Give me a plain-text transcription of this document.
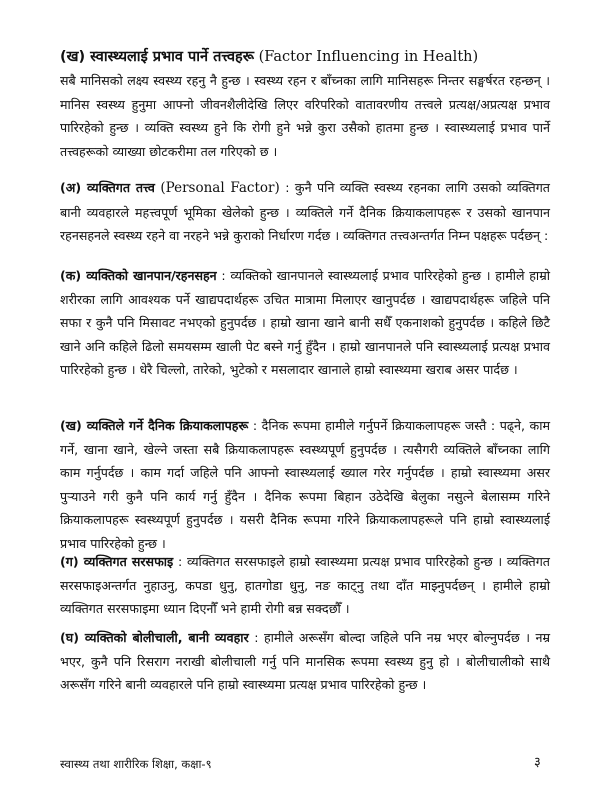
(ख) स्वास्थ्यलाई प्रभाव पार्ने तत्त्वहरू (Factor Influencing in Health)
सबै मानिसको लक्ष्य स्वस्थ्य रहनु नै हुन्छ । स्वस्थ्य रहन र बाँच्नका लागि मानिसहरू निन्तर सङ्घर्षरत रहन्छन् । मानिस स्वस्थ्य हुनुमा आफ्नो जीवनशैलीदेखि लिएर वरिपरिको वातावरणीय तत्त्वले प्रत्यक्ष/अप्रत्यक्ष प्रभाव पारिरहेको हुन्छ । व्यक्ति स्वस्थ्य हुने कि रोगी हुने भन्ने कुरा उसैको हातमा हुन्छ । स्वास्थ्यलाई प्रभाव पार्ने तत्त्वहरूको व्याख्या छोटकरीमा तल गरिएको छ ।
(अ) व्यक्तिगत तत्त्व (Personal Factor) : कुनै पनि व्यक्ति स्वस्थ्य रहनका लागि उसको व्यक्तिगत बानी व्यवहारले महत्त्वपूर्ण भूमिका खेलेको हुन्छ । व्यक्तिले गर्ने दैनिक क्रियाकलापहरू र उसको खानपान रहनसहनले स्वस्थ्य रहने वा नरहने भन्ने कुराको निर्धारण गर्दछ । व्यक्तिगत तत्त्वअन्तर्गत निम्न पक्षहरू पर्दछन् :
(क) व्यक्तिको खानपान/रहनसहन : व्यक्तिको खानपानले स्वास्थ्यलाई प्रभाव पारिरहेको हुन्छ । हामीले हाम्रो शरीरका लागि आवश्यक पर्ने खाद्यपदार्थहरू उचित मात्रामा मिलाएर खानुपर्दछ । खाद्यपदार्थहरू जहिले पनि सफा र कुनै पनि मिसावट नभएको हुनुपर्दछ । हाम्रो खाना खाने बानी सधैँ एकनाशको हुनुपर्दछ । कहिले छिटै खाने अनि कहिले ढिलो समयसम्म खाली पेट बस्ने गर्नु हुँदैन । हाम्रो खानपानले पनि स्वास्थ्यलाई प्रत्यक्ष प्रभाव पारिरहेको हुन्छ । धेरै चिल्लो, तारेको, भुटेको र मसलादार खानाले हाम्रो स्वास्थ्यमा खराब असर पार्दछ ।
(ख) व्यक्तिले गर्ने दैनिक क्रियाकलापहरू : दैनिक रूपमा हामीले गर्नुपर्ने क्रियाकलापहरू जस्तै : पढ्ने, काम गर्ने, खाना खाने, खेल्ने जस्ता सबै क्रियाकलापहरू स्वस्थ्यपूर्ण हुनुपर्दछ । त्यसैगरी व्यक्तिले बाँच्नका लागि काम गर्नुपर्दछ । काम गर्दा जहिले पनि आफ्नो स्वास्थ्यलाई ख्याल गरेर गर्नुपर्दछ । हाम्रो स्वास्थ्यमा असर पुऱ्याउने गरी कुनै पनि कार्य गर्नु हुँदैन । दैनिक रूपमा बिहान उठेदेखि बेलुका नसुत्ने बेलासम्म गरिने क्रियाकलापहरू स्वस्थ्यपूर्ण हुनुपर्दछ । यसरी दैनिक रूपमा गरिने क्रियाकलापहरूले पनि हाम्रो स्वास्थ्यलाई प्रभाव पारिरहेको हुन्छ ।
(ग) व्यक्तिगत सरसफाइ : व्यक्तिगत सरसफाइले हाम्रो स्वास्थ्यमा प्रत्यक्ष प्रभाव पारिरहेको हुन्छ । व्यक्तिगत सरसफाइअन्तर्गत नुहाउनु, कपडा धुनु, हातगोडा धुनु, नङ काट्नु तथा दाँत माझ्नुपर्दछन् । हामीले हाम्रो व्यक्तिगत सरसफाइमा ध्यान दिएनौँ भने हामी रोगी बन्न सक्दछौँ ।
(घ) व्यक्तिको बोलीचाली, बानी व्यवहार : हामीले अरूसँग बोल्दा जहिले पनि नम्र भएर बोल्नुपर्दछ । नम्र भएर, कुनै पनि रिसराग नराखी बोलीचाली गर्नु पनि मानसिक रूपमा स्वस्थ्य हुनु हो । बोलीचालीको साथै अरूसँग गरिने बानी व्यवहारले पनि हाम्रो स्वास्थ्यमा प्रत्यक्ष प्रभाव पारिरहेको हुन्छ ।
स्वास्थ्य तथा शारीरिक शिक्षा, कक्षा-९	३
